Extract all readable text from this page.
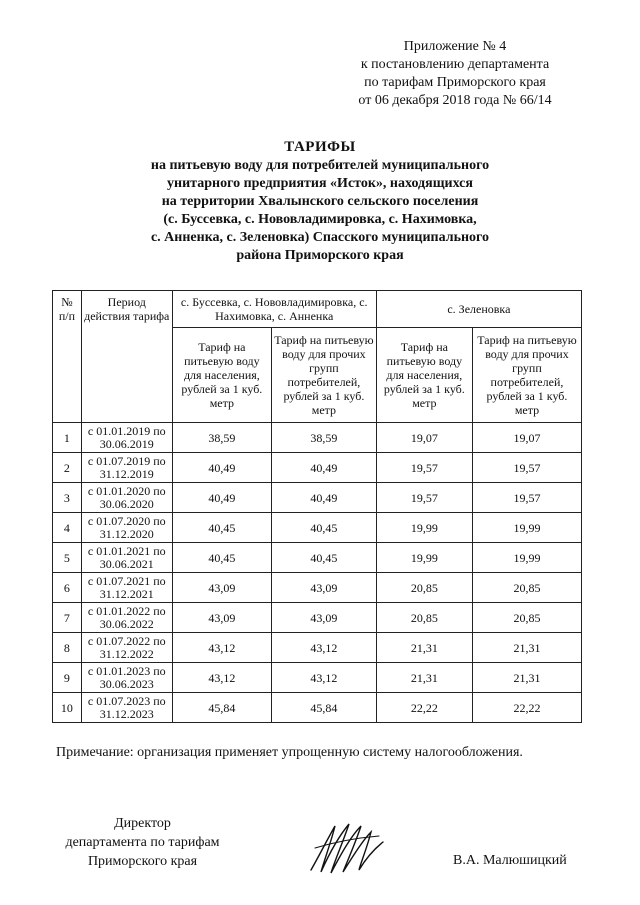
Приложение № 4
к постановлению департамента
по тарифам Приморского края
от 06 декабря 2018 года № 66/14
ТАРИФЫ
на питьевую воду для потребителей муниципального
унитарного предприятия «Исток», находящихся
на территории Хвалынского сельского поселения
(с. Буссевка, с. Нововладимировка, с. Нахимовка,
с. Анненка, с. Зеленовка) Спасского муниципального
района Приморского края
№ п/п	Период действия тарифа	с. Буссевка, с. Нововладимировка, с. Нахимовка, с. Анненка		с. Зеленовка	
		Тариф на питьевую воду для населения, рублей за 1 куб. метр	Тариф на питьевую воду для прочих групп потребителей, рублей за 1 куб. метр	Тариф на питьевую воду для населения, рублей за 1 куб. метр	Тариф на питьевую воду для прочих групп потребителей, рублей за 1 куб. метр
1	с 01.01.2019 по 30.06.2019	38,59	38,59	19,07	19,07
2	с 01.07.2019 по 31.12.2019	40,49	40,49	19,57	19,57
3	с 01.01.2020 по 30.06.2020	40,49	40,49	19,57	19,57
4	с 01.07.2020 по 31.12.2020	40,45	40,45	19,99	19,99
5	с 01.01.2021 по 30.06.2021	40,45	40,45	19,99	19,99
6	с 01.07.2021 по 31.12.2021	43,09	43,09	20,85	20,85
7	с 01.01.2022 по 30.06.2022	43,09	43,09	20,85	20,85
8	с 01.07.2022 по 31.12.2022	43,12	43,12	21,31	21,31
9	с 01.01.2023 по 30.06.2023	43,12	43,12	21,31	21,31
10	с 01.07.2023 по 31.12.2023	45,84	45,84	22,22	22,22
Примечание: организация применяет упрощенную систему налогообложения.
Директор
департамента по тарифам
Приморского края	В.А. Малюшицкий
